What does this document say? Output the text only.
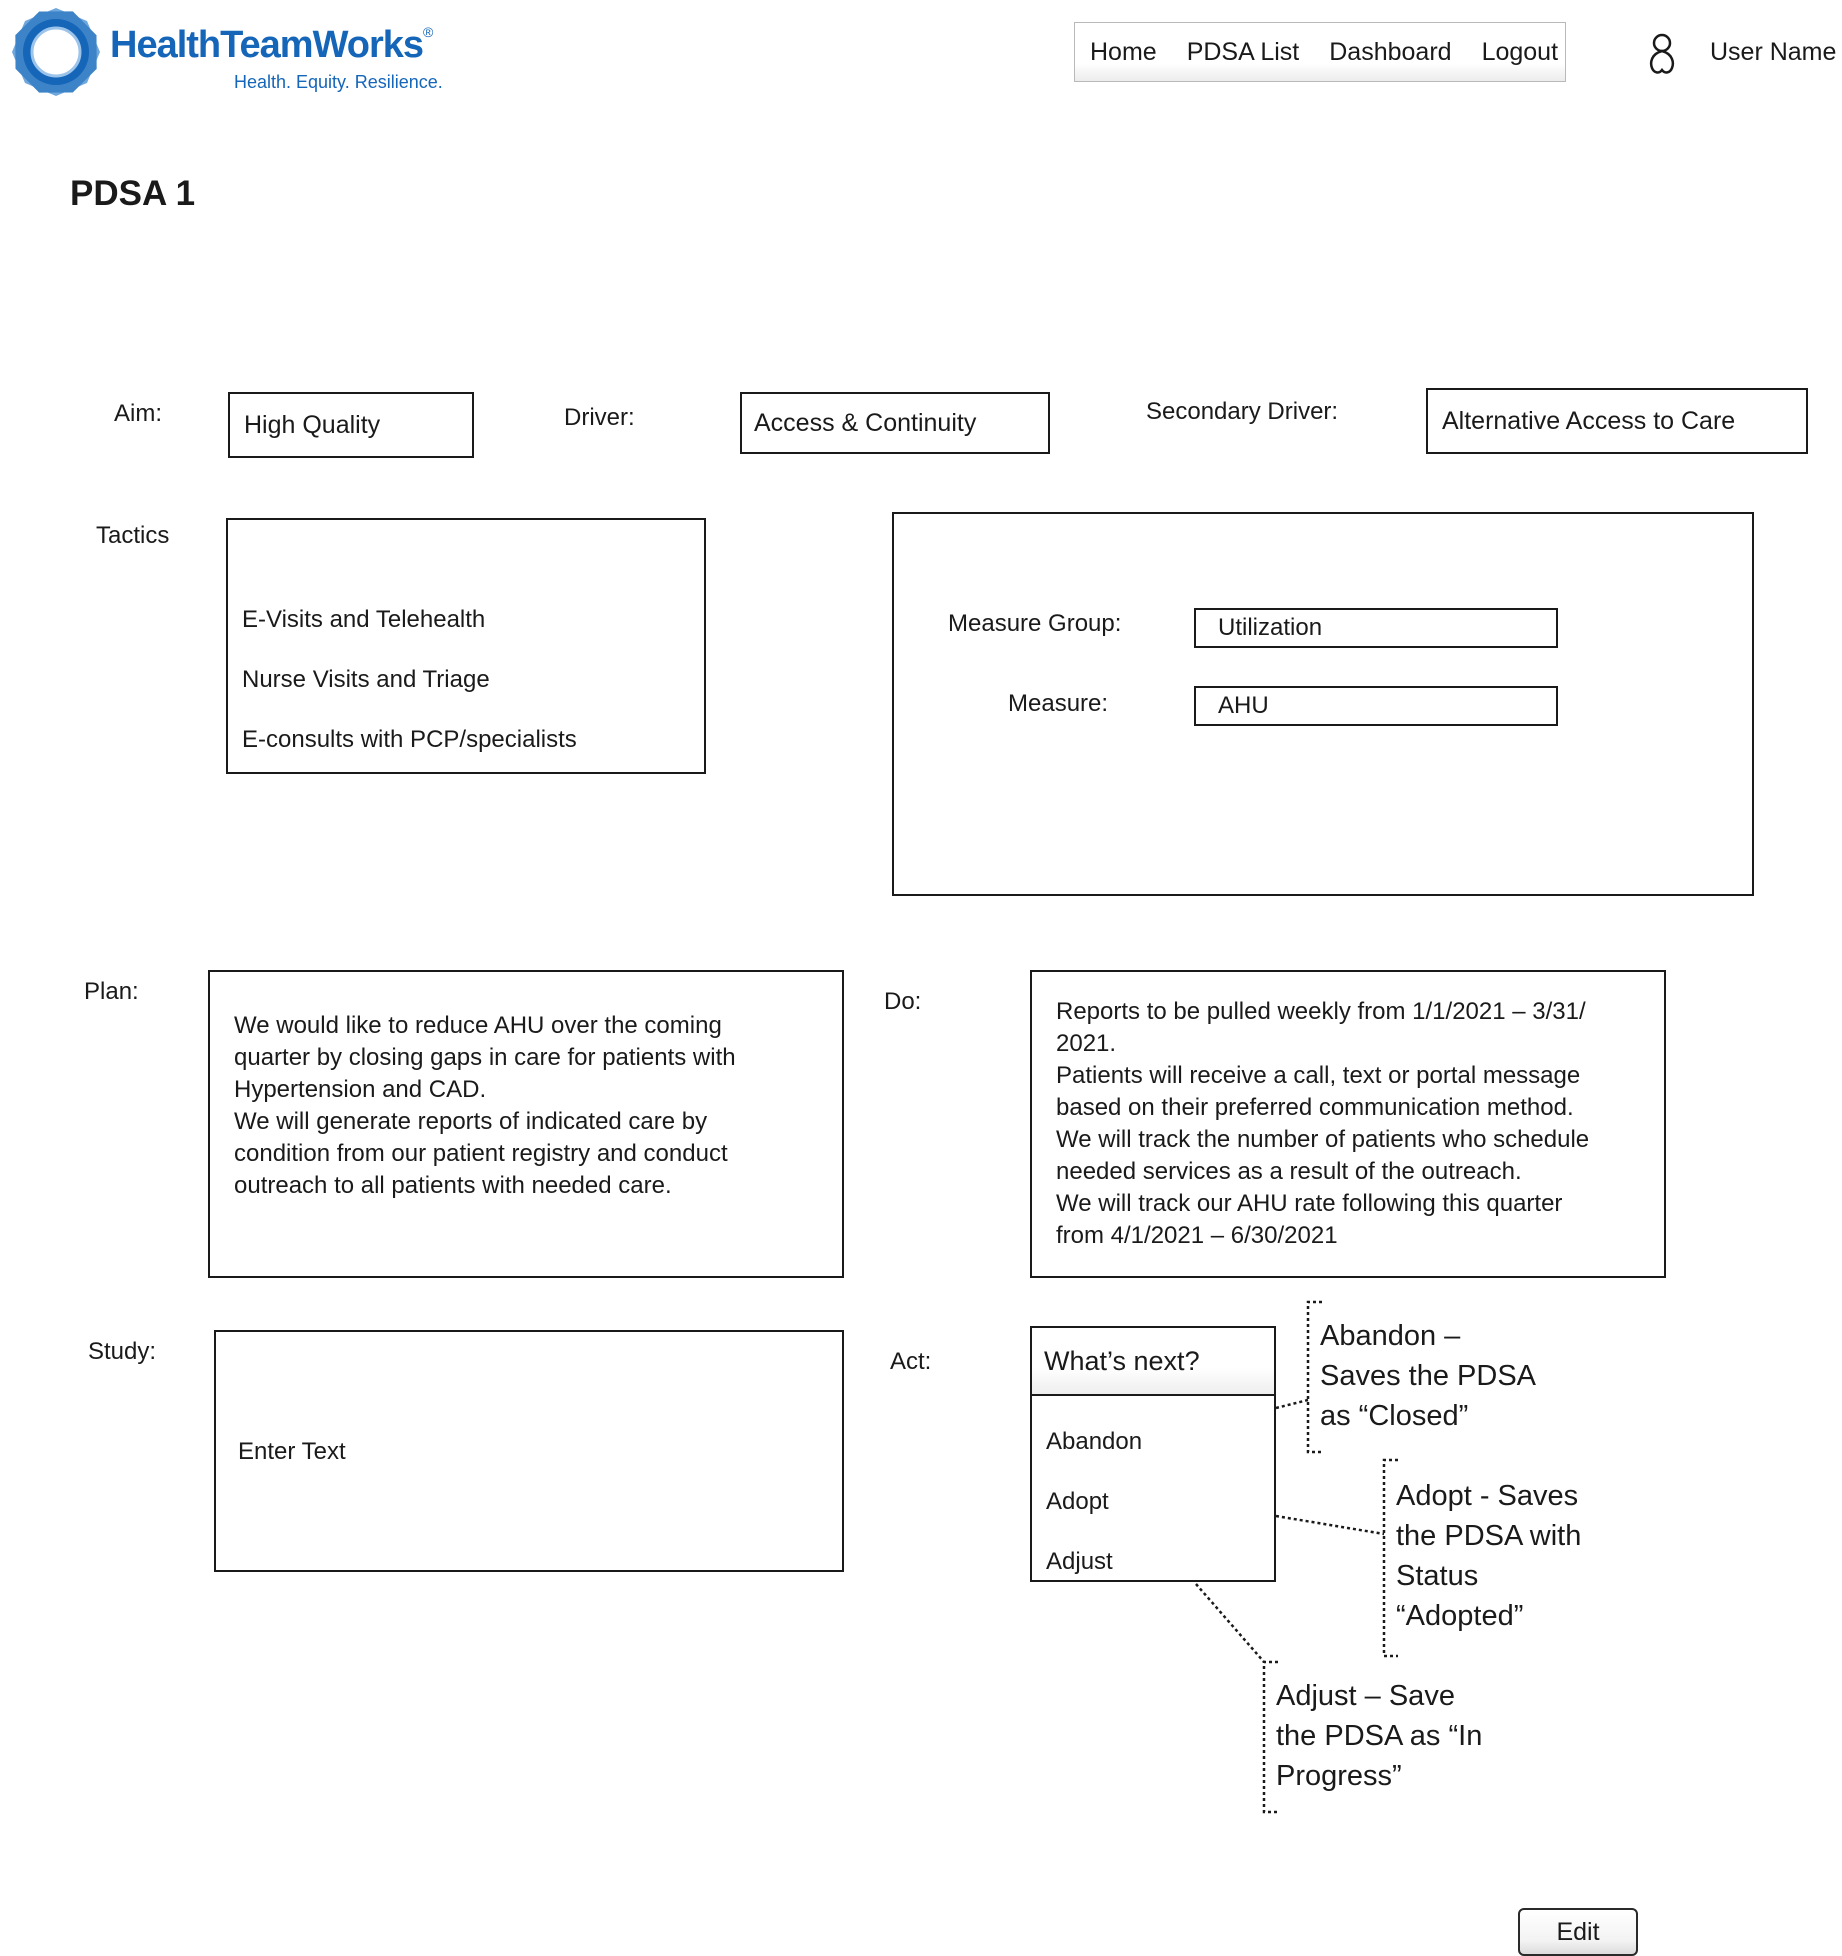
HealthTeamWorks®
Health. Equity. Resilience.
Home	PDSA List	Dashboard	Logout	User Name
PDSA 1
Aim:	High Quality	Driver:	Access & Continuity	Secondary Driver:	Alternative Access to Care
Tactics
E-Visits and Telehealth
Nurse Visits and Triage
E-consults with PCP/specialists
Measure Group:	Utilization
Measure:	AHU
Plan:
We would like to reduce AHU over the coming
quarter by closing gaps in care for patients with
Hypertension and CAD.
We will generate reports of indicated care by
condition from our patient registry and conduct
outreach to all patients with needed care.
Do:	Reports to be pulled weekly from 1/1/2021 – 3/31/
2021.
Patients will receive a call, text or portal message
based on their preferred communication method.
We will track the number of patients who schedule
needed services as a result of the outreach.
We will track our AHU rate following this quarter
from 4/1/2021 – 6/30/2021
Study:
Enter Text
Act:	What’s next?
Abandon
Adopt
Adjust
Abandon –
Saves the PDSA
as “Closed”
Adopt - Saves
the PDSA with
Status
“Adopted”
Adjust – Save
the PDSA as “In
Progress”
Edit
